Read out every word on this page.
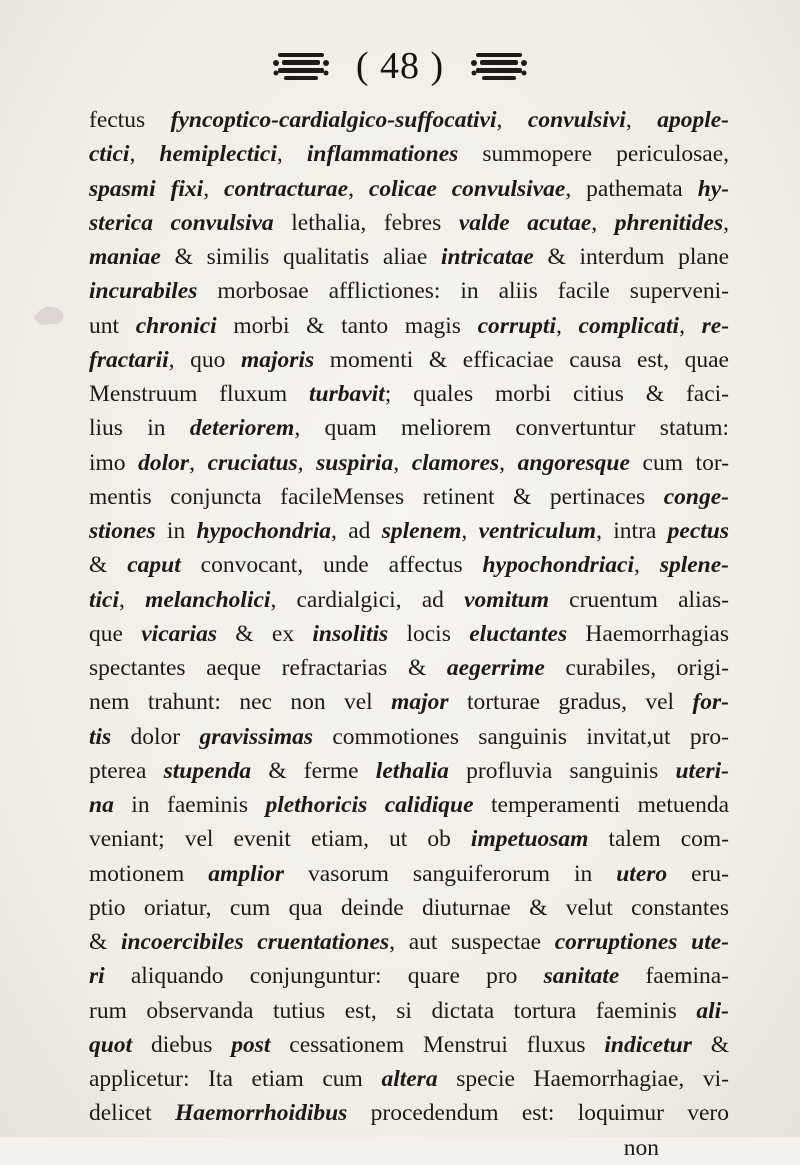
( 48 )
fectus fyncoptico-cardialgico-suffocativi, convulsivi, apople-
ctici, hemiplectici, inflammationes summopere periculosae,
spasmi fixi, contracturae, colicae convulsivae, pathemata hy-
sterica convulsiva lethalia, febres valde acutae, phrenitides,
maniae & similis qualitatis aliae intricatae & interdum plane
incurabiles morbosae afflictiones: in aliis facile superveni-
unt chronici morbi & tanto magis corrupti, complicati, re-
fractarii, quo majoris momenti & efficaciae causa est, quae
Menstruum fluxum turbavit; quales morbi citius & faci-
lius in deteriorem, quam meliorem convertuntur statum:
imo dolor, cruciatus, suspiria, clamores, angoresque cum tor-
mentis conjuncta facileMenses retinent & pertinaces conge-
stiones in hypochondria, ad splenem, ventriculum, intra pectus
& caput convocant, unde affectus hypochondriaci, splene-
tici, melancholici, cardialgici, ad vomitum cruentum alias-
que vicarias & ex insolitis locis eluctantes Haemorrhagias
spectantes aeque refractarias & aegerrime curabiles, origi-
nem trahunt: nec non vel major torturae gradus, vel for-
tis dolor gravissimas commotiones sanguinis invitat,ut pro-
pterea stupenda & ferme lethalia profluvia sanguinis uteri-
na in faeminis plethoricis calidique temperamenti metuenda
veniant; vel evenit etiam, ut ob impetuosam talem com-
motionem amplior vasorum sanguiferorum in utero eru-
ptio oriatur, cum qua deinde diuturnae & velut constantes
& incoercibiles cruentationes, aut suspectae corruptiones ute-
ri aliquando conjunguntur: quare pro sanitate faemina-
rum observanda tutius est, si dictata tortura faeminis ali-
quot diebus post cessationem Menstrui fluxus indicetur &
applicetur: Ita etiam cum altera specie Haemorrhagiae, vi-
delicet Haemorrhoidibus procedendum est: loquimur vero
non
